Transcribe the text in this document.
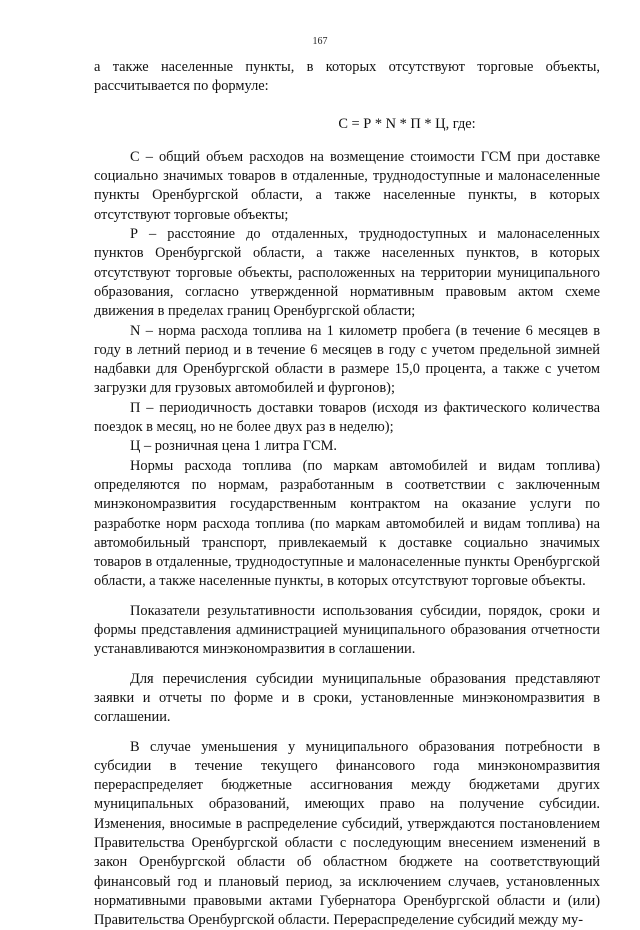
167

а также населенные пункты, в которых отсутствуют торговые объекты, рассчитывается по формуле:

С = Р * N * П * Ц, где:

С – общий объем расходов на возмещение стоимости ГСМ при доставке социально значимых товаров в отдаленные, труднодоступные и малонаселенные пункты Оренбургской области, а также населенные пункты, в которых отсутствуют торговые объекты;

Р – расстояние до отдаленных, труднодоступных и малонаселенных пунктов Оренбургской области, а также населенных пунктов, в которых отсутствуют торговые объекты, расположенных на территории муниципального образования, согласно утвержденной нормативным правовым актом схеме движения в пределах границ Оренбургской области;

N – норма расхода топлива на 1 километр пробега (в течение 6 месяцев в году в летний период и в течение 6 месяцев в году с учетом предельной зимней надбавки для Оренбургской области в размере 15,0 процента, а также с учетом загрузки для грузовых автомобилей и фургонов);

П – периодичность доставки товаров (исходя из фактического количества поездок в месяц, но не более двух раз в неделю);

Ц – розничная цена 1 литра ГСМ.

Нормы расхода топлива (по маркам автомобилей и видам топлива) определяются по нормам, разработанным в соответствии с заключенным минэкономразвития государственным контрактом на оказание услуги по разработке норм расхода топлива (по маркам автомобилей и видам топлива) на автомобильный транспорт, привлекаемый к доставке социально значимых товаров в отдаленные, труднодоступные и малонаселенные пункты Оренбургской области, а также населенные пункты, в которых отсутствуют торговые объекты.

Показатели результативности использования субсидии, порядок, сроки и формы представления администрацией муниципального образования отчетности устанавливаются минэкономразвития в соглашении.

Для перечисления субсидии муниципальные образования представляют заявки и отчеты по форме и в сроки, установленные минэкономразвития в соглашении.

В случае уменьшения у муниципального образования потребности в субсидии в течение текущего финансового года минэкономразвития перераспределяет бюджетные ассигнования между бюджетами других муниципальных образований, имеющих право на получение субсидии. Изменения, вносимые в распределение субсидий, утверждаются постановлением Правительства Оренбургской области с последующим внесением изменений в закон Оренбургской области об областном бюджете на соответствующий финансовый год и плановый период, за исключением случаев, установленных нормативными правовыми актами Губернатора Оренбургской области и (или) Правительства Оренбургской области. Перераспределение субсидий между му-
